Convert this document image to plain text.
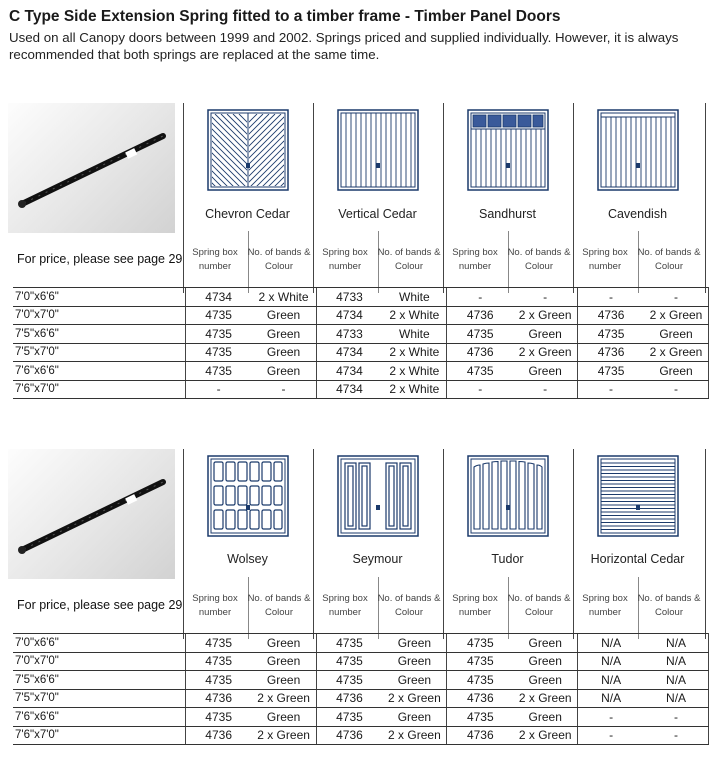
C Type Side Extension Spring fitted to a timber frame - Timber Panel Doors
Used on all Canopy doors between 1999 and 2002. Springs priced and supplied individually. However, it is always recommended that both springs are replaced at the same time.
Chevron Cedar	Vertical Cedar	Sandhurst	Cavendish
For price, please see page 29	Spring box number
No. of bands & Colour
Spring box number
No. of bands & Colour
Spring box number
No. of bands & Colour
Spring box number
No. of bands & Colour
7'0"x6'6"	4734	2 x White	4733	White	-	-	-	-
7'0"x7'0"	4735	Green	4734	2 x White	4736	2 x Green	4736	2 x Green
7'5"x6'6"	4735	Green	4733	White	4735	Green	4735	Green
7'5"x7'0"	4735	Green	4734	2 x White	4736	2 x Green	4736	2 x Green
7'6"x6'6"	4735	Green	4734	2 x White	4735	Green	4735	Green
7'6"x7'0"	-	-	4734	2 x White	-	-	-	-
Wolsey	Seymour	Tudor	Horizontal Cedar
For price, please see page 29	Spring box number
No. of bands & Colour
Spring box number
No. of bands & Colour
Spring box number
No. of bands & Colour
Spring box number
No. of bands & Colour
7'0"x6'6"	4735	Green	4735	Green	4735	Green	N/A	N/A
7'0"x7'0"	4735	Green	4735	Green	4735	Green	N/A	N/A
7'5"x6'6"	4735	Green	4735	Green	4735	Green	N/A	N/A
7'5"x7'0"	4736	2 x Green	4736	2 x Green	4736	2 x Green	N/A	N/A
7'6"x6'6"	4735	Green	4735	Green	4735	Green	-	-
7'6"x7'0"	4736	2 x Green	4736	2 x Green	4736	2 x Green	-	-
